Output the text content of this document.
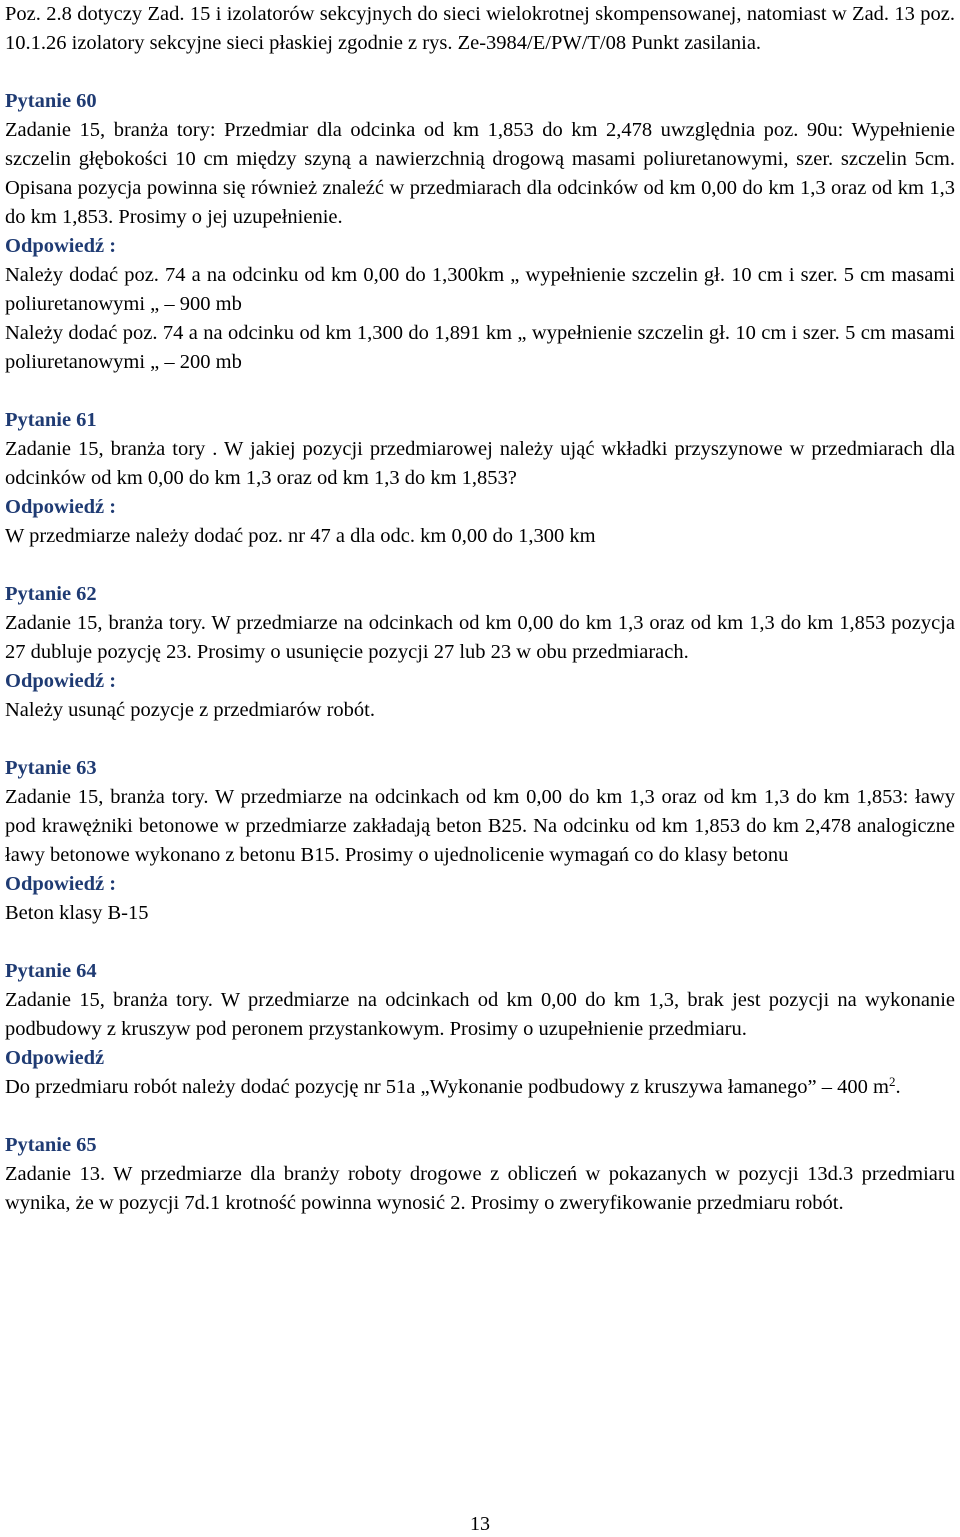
Poz. 2.8 dotyczy Zad. 15 i izolatorów sekcyjnych do sieci wielokrotnej skompensowanej, natomiast w Zad. 13 poz. 10.1.26 izolatory sekcyjne sieci płaskiej zgodnie z rys. Ze-3984/E/PW/T/08 Punkt zasilania.

Pytanie 60

Zadanie 15, branża tory: Przedmiar dla odcinka od km 1,853 do km 2,478 uwzględnia poz. 90u: Wypełnienie szczelin głębokości 10 cm między szyną a nawierzchnią drogową masami poliuretanowymi, szer. szczelin 5cm. Opisana pozycja powinna się również znaleźć w przedmiarach dla odcinków od km 0,00 do km 1,3 oraz od km 1,3 do km 1,853. Prosimy o jej uzupełnienie.

Odpowiedź :

Należy dodać poz. 74 a na odcinku od km 0,00 do 1,300km „ wypełnienie szczelin gł. 10 cm i szer. 5 cm masami poliuretanowymi „ – 900 mb

Należy dodać poz. 74 a na odcinku od km 1,300 do 1,891 km „ wypełnienie szczelin gł. 10 cm i szer. 5 cm masami poliuretanowymi „ – 200 mb

Pytanie 61

Zadanie 15, branża tory . W jakiej pozycji przedmiarowej należy ująć wkładki przyszynowe w przedmiarach dla odcinków od km 0,00 do km 1,3 oraz od km 1,3 do km 1,853?

Odpowiedź :

W przedmiarze należy dodać poz. nr 47 a dla odc. km 0,00 do 1,300 km

Pytanie 62

Zadanie 15, branża tory. W przedmiarze na odcinkach od km 0,00 do km 1,3 oraz od km 1,3 do km 1,853 pozycja 27 dubluje pozycję 23. Prosimy o usunięcie pozycji 27 lub 23 w obu przedmiarach.

Odpowiedź :

Należy usunąć pozycje z przedmiarów robót.

Pytanie 63

Zadanie 15, branża tory. W przedmiarze na odcinkach od km 0,00 do km 1,3 oraz od km 1,3 do km 1,853: ławy pod krawężniki betonowe w przedmiarze zakładają beton B25. Na odcinku od km 1,853 do km 2,478 analogiczne ławy betonowe wykonano z betonu B15. Prosimy o ujednolicenie wymagań co do klasy betonu

Odpowiedź :

Beton klasy B-15

Pytanie 64

Zadanie 15, branża tory. W przedmiarze na odcinkach od km 0,00 do km 1,3, brak jest pozycji na wykonanie podbudowy z kruszyw pod peronem przystankowym. Prosimy o uzupełnienie przedmiaru.

Odpowiedź

Do przedmiaru robót należy dodać pozycję nr 51a „Wykonanie podbudowy z kruszywa łamanego” – 400 $m^2$.

Pytanie 65

Zadanie 13. W przedmiarze dla branży roboty drogowe z obliczeń w pokazanych w pozycji 13d.3 przedmiaru wynika, że w pozycji 7d.1 krotność powinna wynosić 2. Prosimy o zweryfikowanie przedmiaru robót.

13
